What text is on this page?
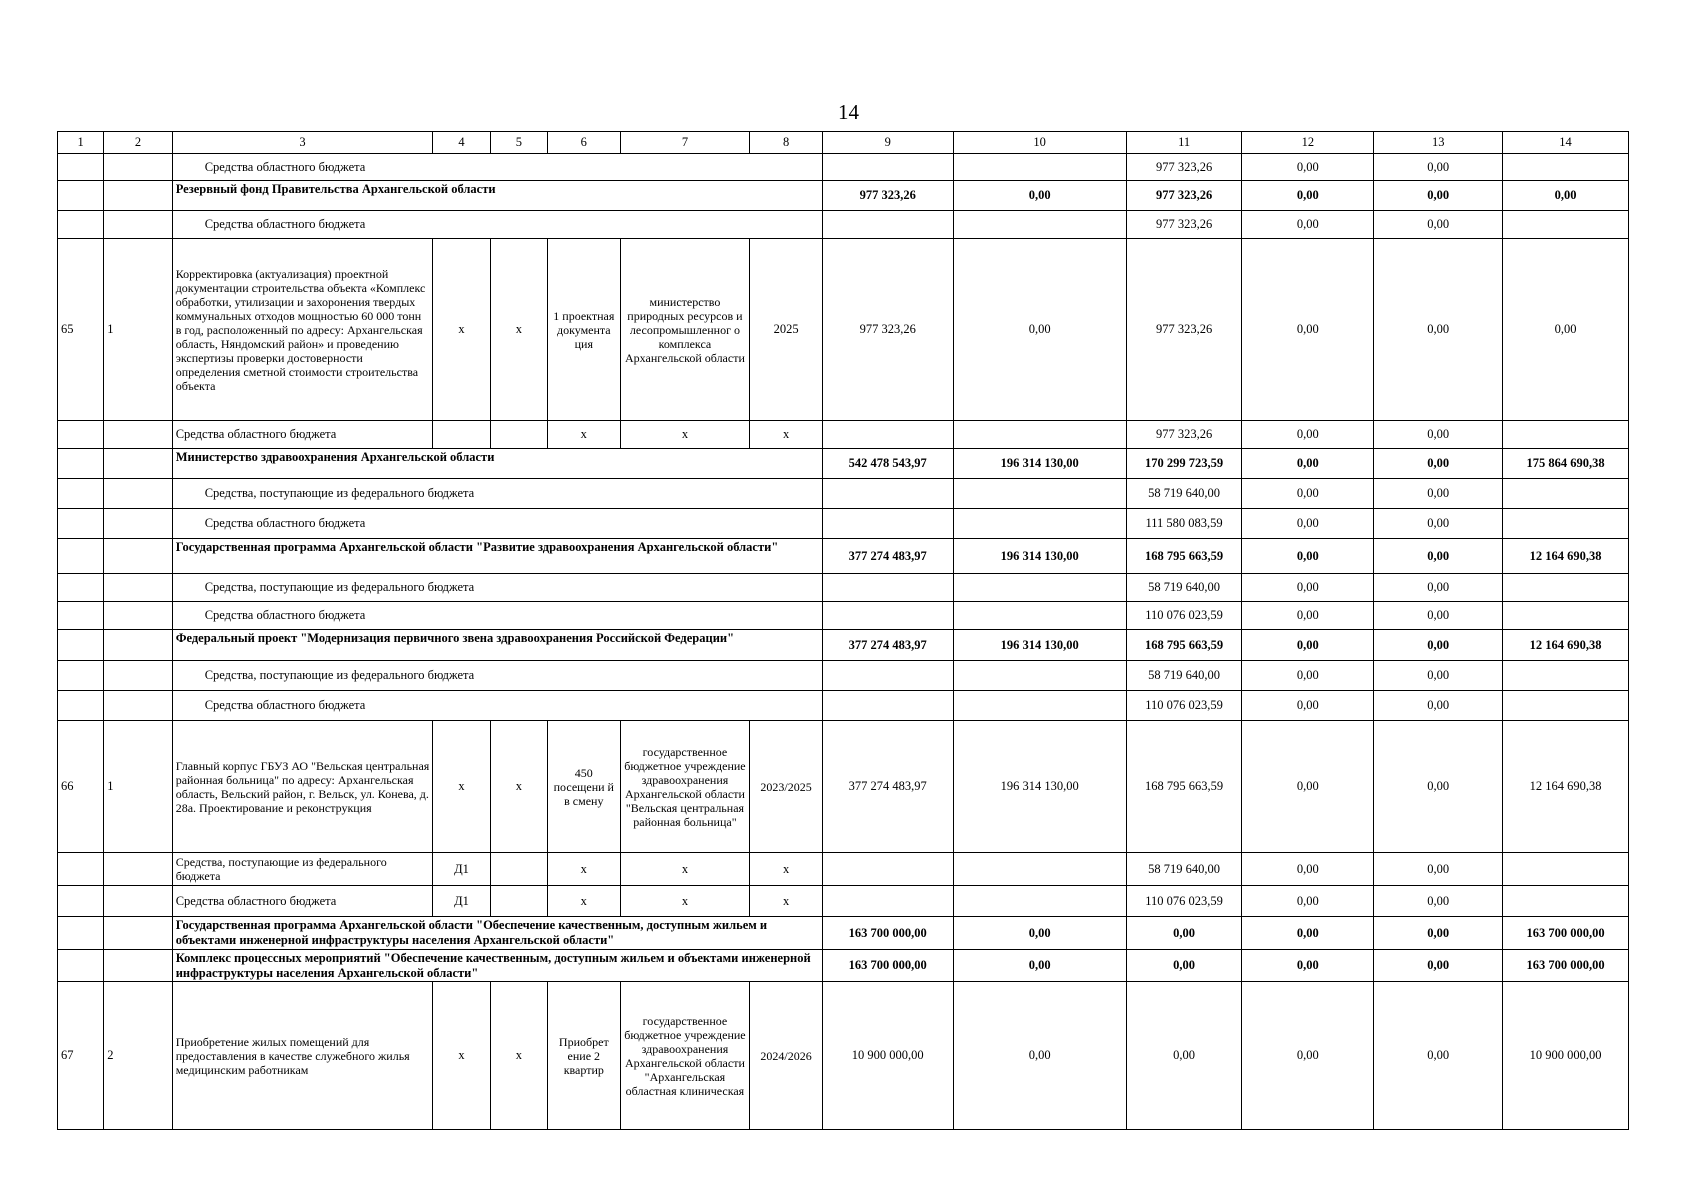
14
1	2	3	4	5	6	7	8	9	10	11	12	13	14
		Средства областного бюджета								977 323,26	0,00	0,00	
		Резервный фонд Правительства Архангельской области						977 323,26	0,00	977 323,26	0,00	0,00	0,00
		Средства областного бюджета								977 323,26	0,00	0,00	
65	1	Корректировка (актуализация) проектной документации строительства объекта «Комплекс обработки, утилизации и захоронения твердых коммунальных отходов мощностью 60 000 тонн в год, расположенный по адресу: Архангельская область, Няндомский район» и проведению экспертизы проверки достоверности определения сметной стоимости строительства объекта	х	х	1 проектная документа ция	министерство природных ресурсов и лесопромышленног о комплекса Архангельской области	2025	977 323,26	0,00	977 323,26	0,00	0,00	0,00
		Средства областного бюджета			х	х	х			977 323,26	0,00	0,00	
		Министерство здравоохранения Архангельской области						542 478 543,97	196 314 130,00	170 299 723,59	0,00	0,00	175 864 690,38
		Средства, поступающие из федерального бюджета								58 719 640,00	0,00	0,00	
		Средства областного бюджета								111 580 083,59	0,00	0,00	
		Государственная программа Архангельской области "Развитие здравоохранения Архангельской области"						377 274 483,97	196 314 130,00	168 795 663,59	0,00	0,00	12 164 690,38
		Средства, поступающие из федерального бюджета								58 719 640,00	0,00	0,00	
		Средства областного бюджета								110 076 023,59	0,00	0,00	
		Федеральный проект "Модернизация первичного звена здравоохранения Российской Федерации"						377 274 483,97	196 314 130,00	168 795 663,59	0,00	0,00	12 164 690,38
		Средства, поступающие из федерального бюджета								58 719 640,00	0,00	0,00	
		Средства областного бюджета								110 076 023,59	0,00	0,00	
66	1	Главный корпус ГБУЗ АО "Вельская центральная районная больница" по адресу: Архангельская область, Вельский район, г. Вельск, ул. Конева, д. 28а. Проектирование и реконструкция	х	х	450 посещени й в смену	государственное бюджетное учреждение здравоохранения Архангельской области "Вельская центральная районная больница"	2023/2025	377 274 483,97	196 314 130,00	168 795 663,59	0,00	0,00	12 164 690,38
		Средства, поступающие из федерального бюджета	Д1		х	х	х			58 719 640,00	0,00	0,00	
		Средства областного бюджета	Д1		х	х	х			110 076 023,59	0,00	0,00	
		Государственная программа Архангельской области "Обеспечение качественным, доступным жильем и объектами инженерной инфраструктуры населения Архангельской области"						163 700 000,00	0,00	0,00	0,00	0,00	163 700 000,00
		Комплекс процессных мероприятий "Обеспечение качественным, доступным жильем и объектами инженерной инфраструктуры населения Архангельской области"						163 700 000,00	0,00	0,00	0,00	0,00	163 700 000,00
67	2	Приобретение жилых помещений для предоставления в качестве служебного жилья медицинским работникам	х	х	Приобрет ение 2 квартир	государственное бюджетное учреждение здравоохранения Архангельской области "Архангельская областная клиническая	2024/2026	10 900 000,00	0,00	0,00	0,00	0,00	10 900 000,00
